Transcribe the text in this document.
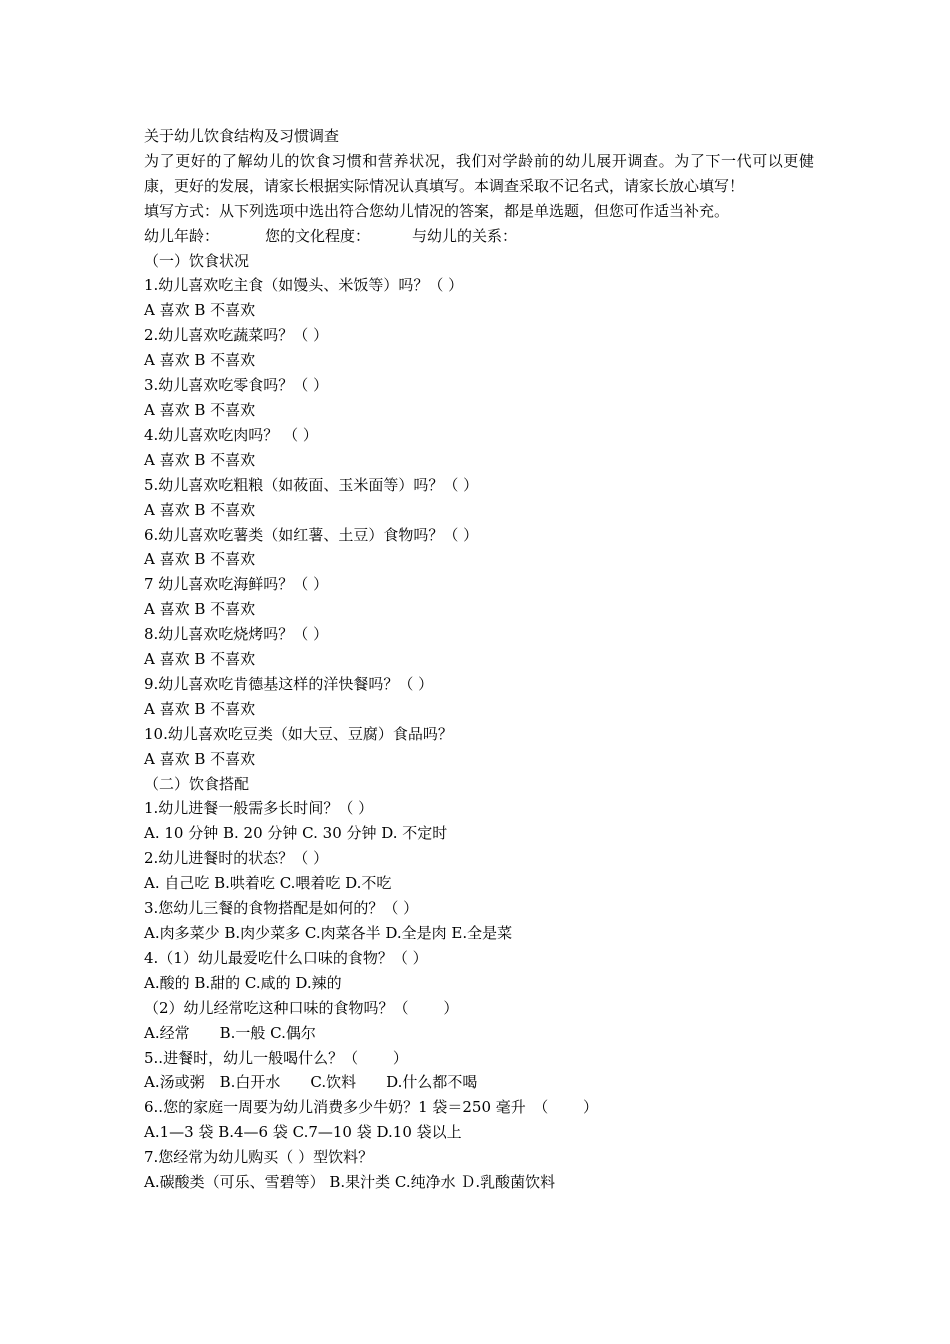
关于幼儿饮食结构及习惯调查

为了更好的了解幼儿的饮食习惯和营养状况，我们对学龄前的幼儿展开调查。为了下一代可以更健康，更好的发展，请家长根据实际情况认真填写。本调查采取不记名式，请家长放心填写！

填写方式：从下列选项中选出符合您幼儿情况的答案，都是单选题，但您可作适当补充。

幼儿年龄：	您的文化程度：	与幼儿的关系：

（一）饮食状况

1.幼儿喜欢吃主食（如馒头、米饭等）吗？（ ）

A 喜欢 B 不喜欢

2.幼儿喜欢吃蔬菜吗？（ ）

A 喜欢 B 不喜欢

3.幼儿喜欢吃零食吗？（ ）

A 喜欢 B 不喜欢

4.幼儿喜欢吃肉吗？ （ ）

A 喜欢 B 不喜欢

5.幼儿喜欢吃粗粮（如莜面、玉米面等）吗？（ ）

A 喜欢 B 不喜欢

6.幼儿喜欢吃薯类（如红薯、土豆）食物吗？（ ）

A 喜欢 B 不喜欢

7 幼儿喜欢吃海鲜吗？（ ）

A 喜欢 B 不喜欢

8.幼儿喜欢吃烧烤吗？（ ）

A 喜欢 B 不喜欢

9.幼儿喜欢吃肯德基这样的洋快餐吗？（ ）

A 喜欢 B 不喜欢

10.幼儿喜欢吃豆类（如大豆、豆腐）食品吗？

A 喜欢 B 不喜欢

（二）饮食搭配

1.幼儿进餐一般需多长时间？（ ）

A. 10 分钟 B. 20 分钟 C. 30 分钟 D. 不定时

2.幼儿进餐时的状态？（ ）

A. 自己吃 B.哄着吃 C.喂着吃 D.不吃

3.您幼儿三餐的食物搭配是如何的？（ ）

A.肉多菜少 B.肉少菜多 C.肉菜各半 D.全是肉 E.全是菜

4.（1）幼儿最爱吃什么口味的食物？（ ）

A.酸的 B.甜的 C.咸的 D.辣的

（2）幼儿经常吃这种口味的食物吗？（　　 ）

A.经常　　B.一般 C.偶尔

5..进餐时，幼儿一般喝什么？（　　 ）

A.汤或粥　B.白开水　　C.饮料　　D.什么都不喝

6..您的家庭一周要为幼儿消费多少牛奶？1 袋＝250 毫升　（　　 ）

A.1—3 袋 B.4—6 袋 C.7—10 袋 D.10 袋以上

7.您经常为幼儿购买（ ）型饮料？

A.碳酸类（可乐、雪碧等） B.果汁类 C.纯净水 Ｄ.乳酸菌饮料
